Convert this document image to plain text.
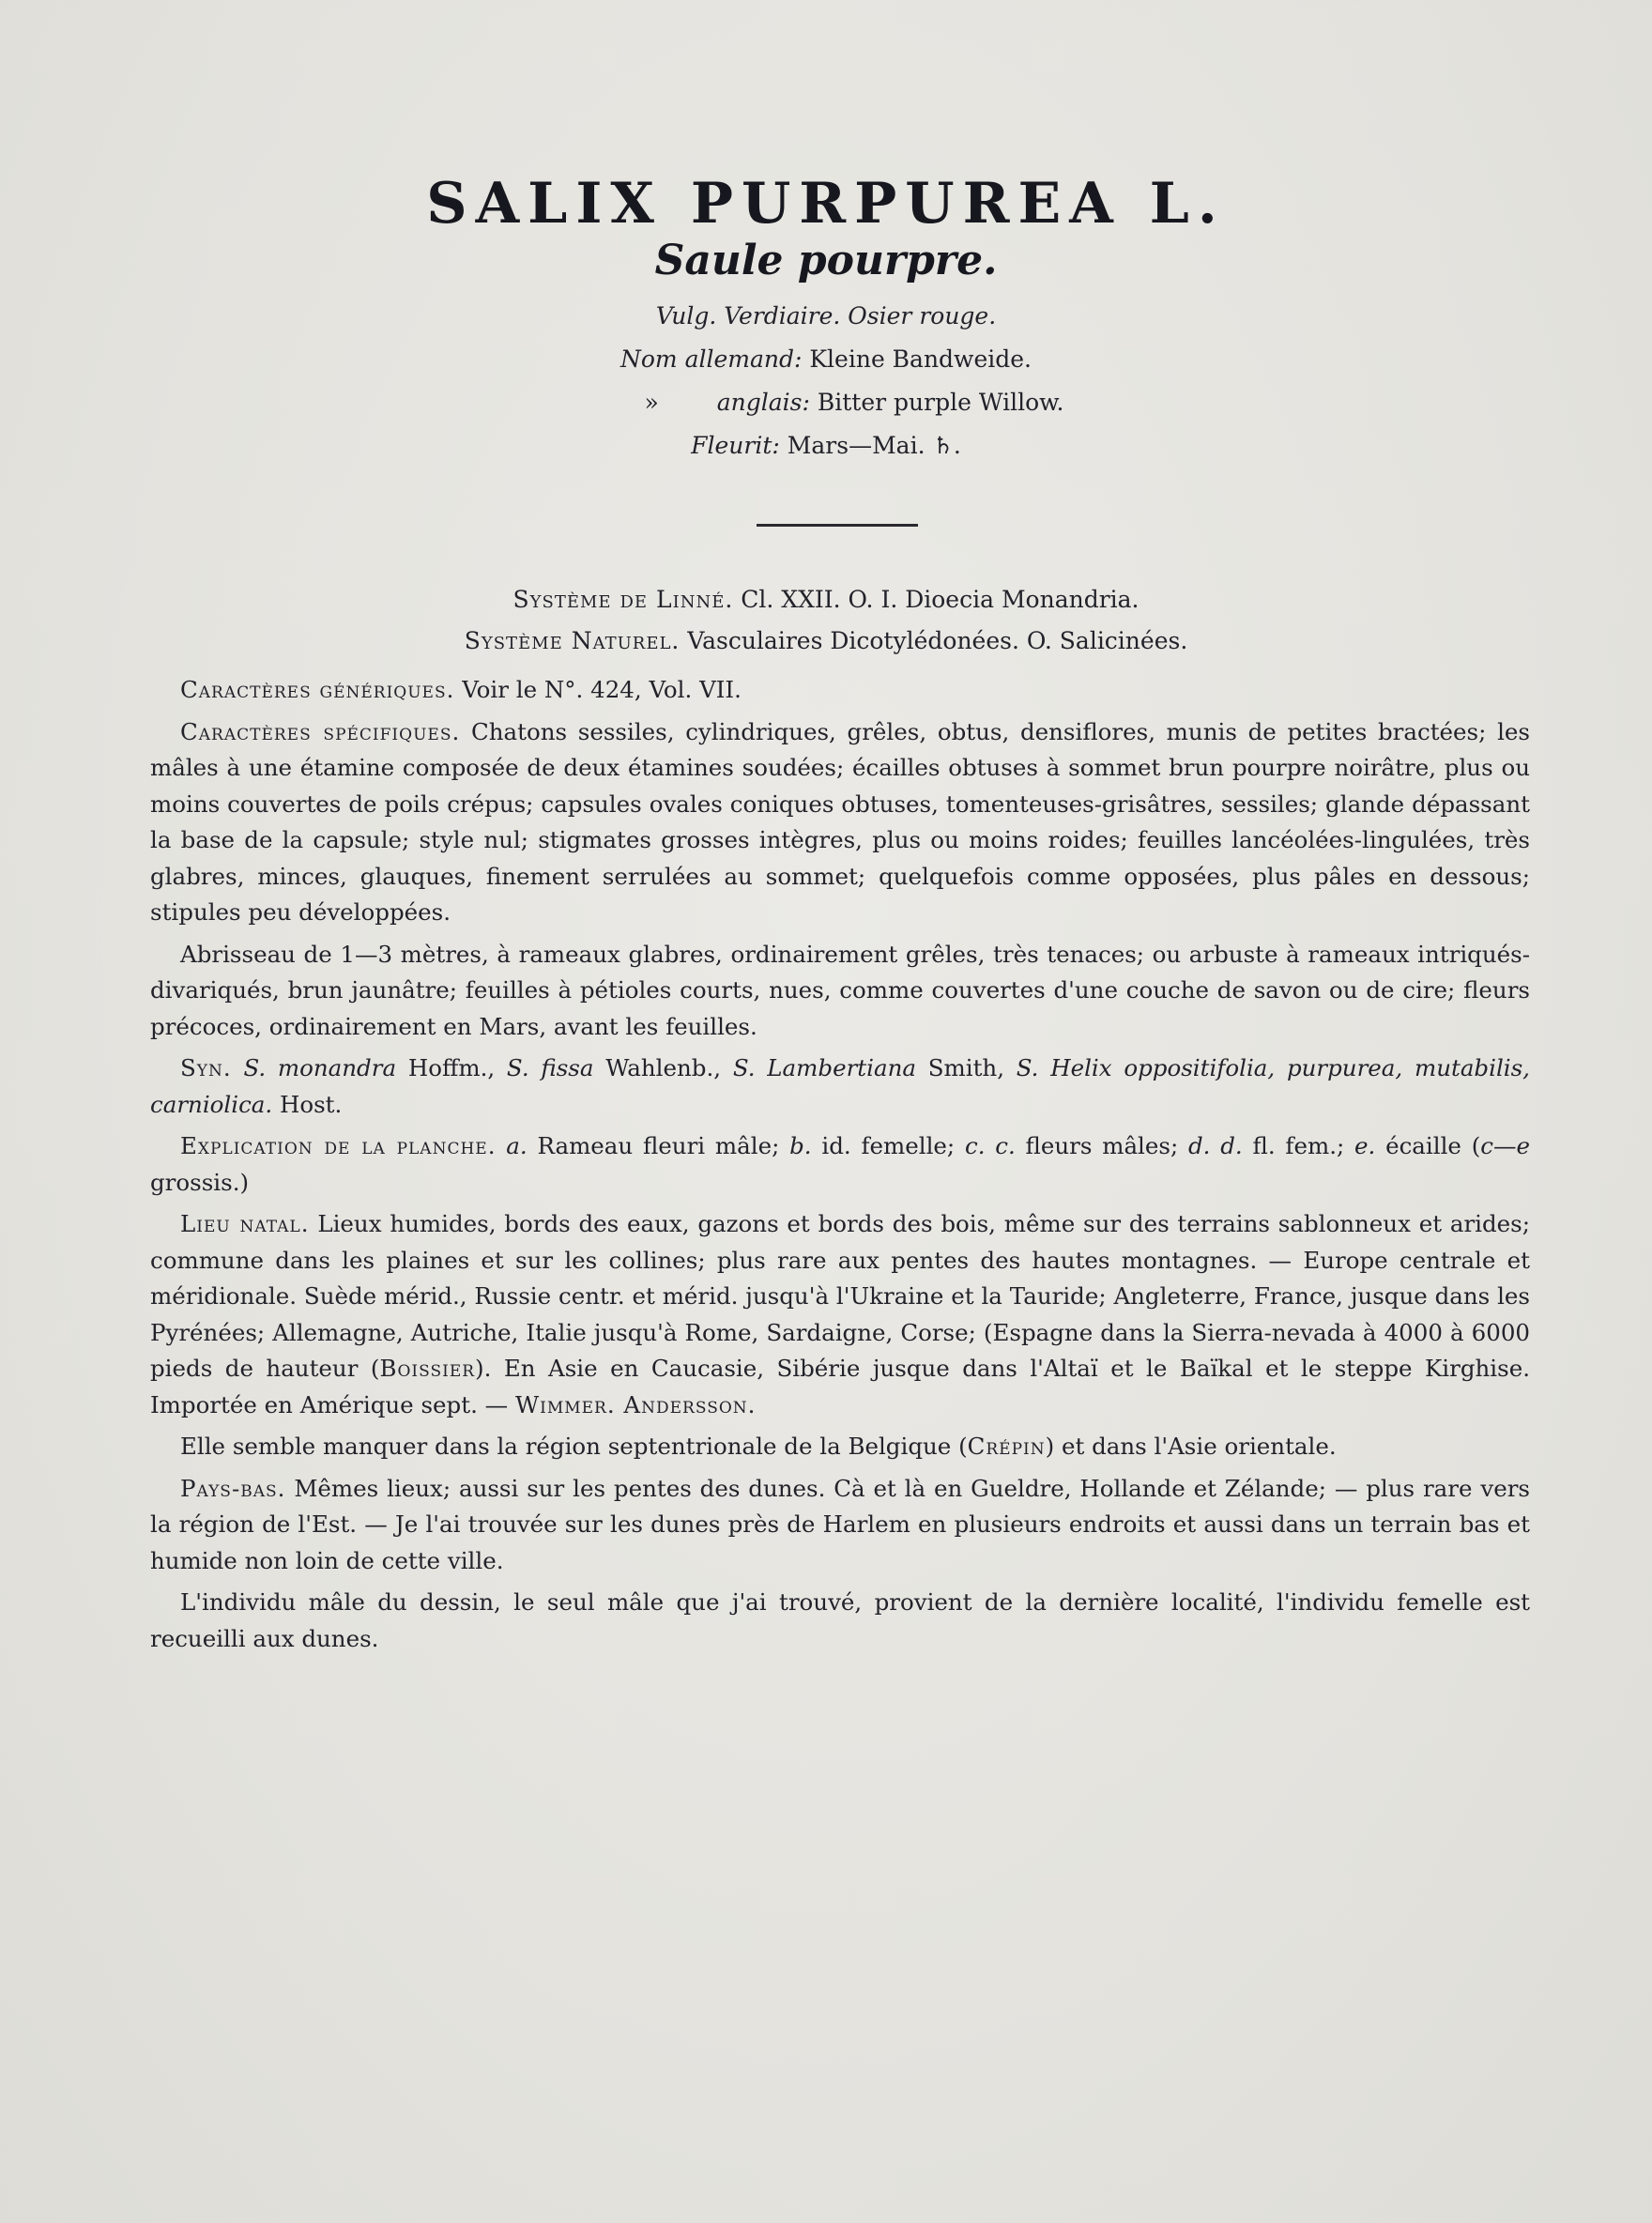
SALIX PURPUREA L.
Saule pourpre.
Vulg. Verdiaire. Osier rouge.
Nom allemand: Kleine Bandweide.
» anglais: Bitter purple Willow.
Fleurit: Mars—Mai. ♄.
Système de Linné. Cl. XXII. O. I. Dioecia Monandria.
Système Naturel. Vasculaires Dicotylédonées. O. Salicinées.

Caractères génériques. Voir le N°. 424, Vol. VII.

Caractères spécifiques. Chatons sessiles, cylindriques, grêles, obtus, densiflores, munis de petites bractées; les mâles à une étamine composée de deux étamines soudées; écailles obtuses à sommet brun pourpre noirâtre, plus ou moins couvertes de poils crépus; capsules ovales coniques obtuses, tomenteuses-grisâtres, sessiles; glande dépassant la base de la capsule; style nul; stigmates grosses intègres, plus ou moins roides; feuilles lancéolées-lingulées, très glabres, minces, glauques, finement serrulées au sommet; quelquefois comme opposées, plus pâles en dessous; stipules peu développées.

Abrisseau de 1—3 mètres, à rameaux glabres, ordinairement grêles, très tenaces; ou arbuste à rameaux intriqués-divariqués, brun jaunâtre; feuilles à pétioles courts, nues, comme couvertes d'une couche de savon ou de cire; fleurs précoces, ordinairement en Mars, avant les feuilles.

Syn. S. monandra Hoffm., S. fissa Wahlenb., S. Lambertiana Smith, S. Helix oppositifolia, purpurea, mutabilis, carniolica. Host.

Explication de la planche. a. Rameau fleuri mâle; b. id. femelle; c. c. fleurs mâles; d. d. fl. fem.; e. écaille (c—e grossis.)

Lieu natal. Lieux humides, bords des eaux, gazons et bords des bois, même sur des terrains sablonneux et arides; commune dans les plaines et sur les collines; plus rare aux pentes des hautes montagnes. — Europe centrale et méridionale. Suède mérid., Russie centr. et mérid. jusqu'à l'Ukraine et la Tauride; Angleterre, France, jusque dans les Pyrénées; Allemagne, Autriche, Italie jusqu'à Rome, Sardaigne, Corse; (Espagne dans la Sierra-nevada à 4000 à 6000 pieds de hauteur (Boissier). En Asie en Caucasie, Sibérie jusque dans l'Altaï et le Baïkal et le steppe Kirghise. Importée en Amérique sept. — Wimmer. Andersson.

Elle semble manquer dans la région septentrionale de la Belgique (Crépin) et dans l'Asie orientale.

Pays-bas. Mêmes lieux; aussi sur les pentes des dunes. Cà et là en Gueldre, Hollande et Zélande; — plus rare vers la région de l'Est. — Je l'ai trouvée sur les dunes près de Harlem en plusieurs endroits et aussi dans un terrain bas et humide non loin de cette ville.

L'individu mâle du dessin, le seul mâle que j'ai trouvé, provient de la dernière localité, l'individu femelle est recueilli aux dunes.
